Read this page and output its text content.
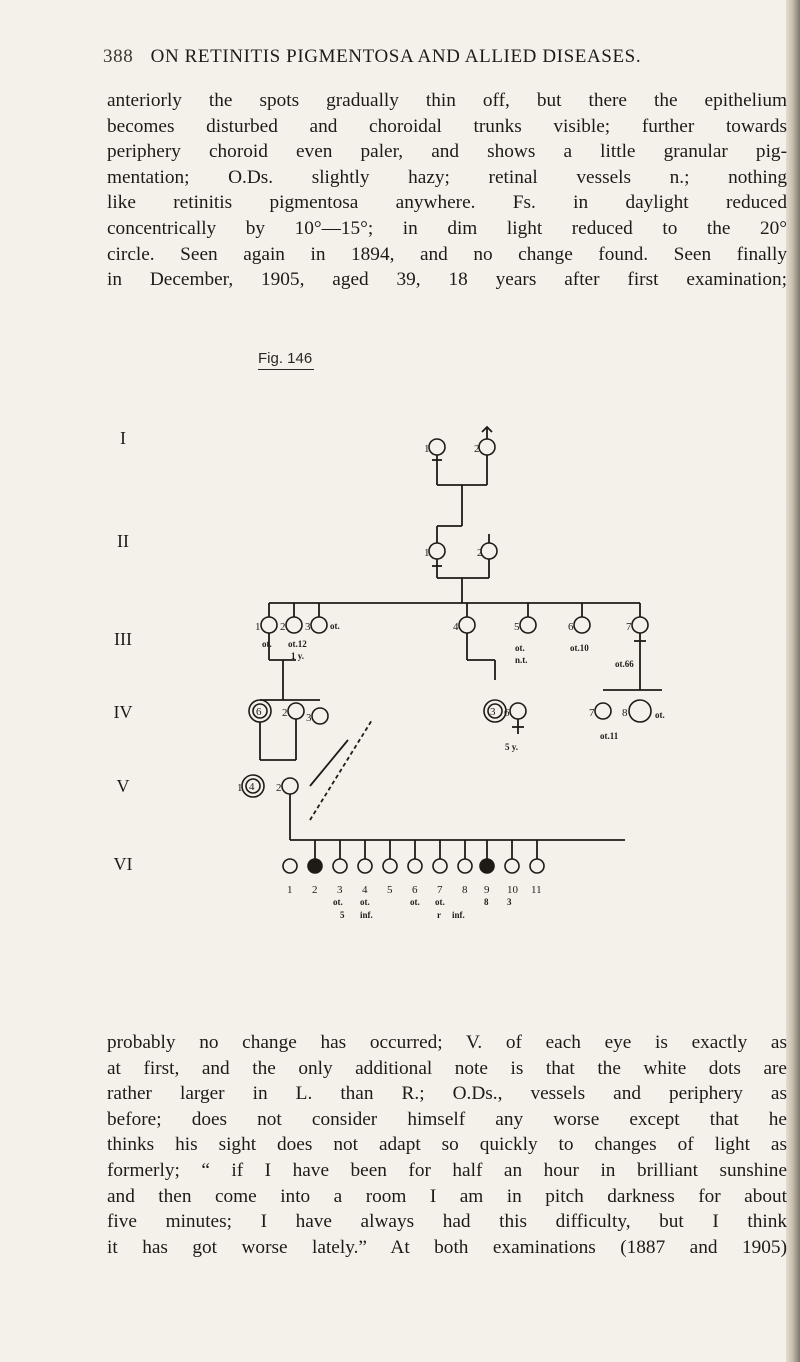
388 ON RETINITIS PIGMENTOSA AND ALLIED DISEASES.
anteriorly the spots gradually thin off, but there the epithelium
becomes disturbed and choroidal trunks visible; further towards
periphery choroid even paler, and shows a little granular pig-
mentation; O.Ds. slightly hazy; retinal vessels n.; nothing
like retinitis pigmentosa anywhere. Fs. in daylight reduced
concentrically by 10°—15°; in dim light reduced to the 20°
circle. Seen again in 1894, and no change found. Seen finally
in December, 1905, aged 39, 18 years after first examination;
Fig. 146
I
II
III
IV
V
VI
1	2
1	2
1 2 3	4	5	6	7
ot.
ot. ot.12	ot.	ot.10
ot.66
1 y.	n.t.
6 2 3	3 6	7	8	ot.
ot.11
5 y.
4
1	2
1 2 3 4 5 6 7 8 9 10 11
ot. ot.	ot. ot.	8 3
5 inf.	r inf.
probably no change has occurred; V. of each eye is exactly as
at first, and the only additional note is that the white dots are
rather larger in L. than R.; O.Ds., vessels and periphery as
before; does not consider himself any worse except that he
thinks his sight does not adapt so quickly to changes of light as
formerly; “ if I have been for half an hour in brilliant sunshine
and then come into a room I am in pitch darkness for about
five minutes; I have always had this difficulty, but I think
it has got worse lately.” At both examinations (1887 and 1905)
